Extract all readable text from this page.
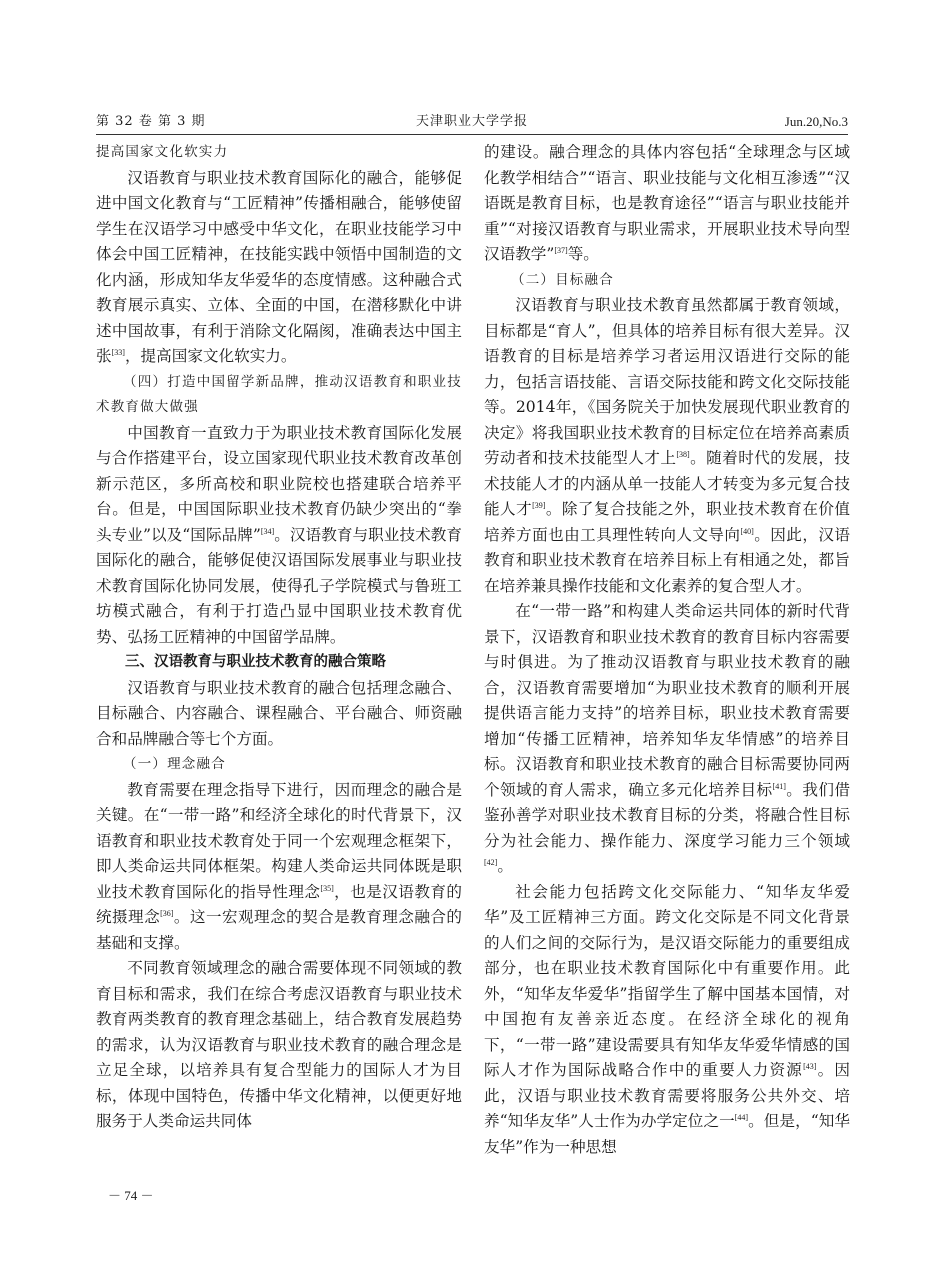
第 32 卷 第 3 期	天津职业大学学报	Jun.20,No.3

提高国家文化软实力

汉语教育与职业技术教育国际化的融合，能够促进中国文化教育与“工匠精神”传播相融合，能够使留学生在汉语学习中感受中华文化，在职业技能学习中体会中国工匠精神，在技能实践中领悟中国制造的文化内涵，形成知华友华爱华的态度情感。这种融合式教育展示真实、立体、全面的中国，在潜移默化中讲述中国故事，有利于消除文化隔阂，准确表达中国主张[33]，提高国家文化软实力。

（四）打造中国留学新品牌，推动汉语教育和职业技术教育做大做强

中国教育一直致力于为职业技术教育国际化发展与合作搭建平台，设立国家现代职业技术教育改革创新示范区，多所高校和职业院校也搭建联合培养平台。但是，中国国际职业技术教育仍缺少突出的“拳头专业”以及“国际品牌”[34]。汉语教育与职业技术教育国际化的融合，能够促使汉语国际发展事业与职业技术教育国际化协同发展，使得孔子学院模式与鲁班工坊模式融合，有利于打造凸显中国职业技术教育优势、弘扬工匠精神的中国留学品牌。

三、汉语教育与职业技术教育的融合策略

汉语教育与职业技术教育的融合包括理念融合、目标融合、内容融合、课程融合、平台融合、师资融合和品牌融合等七个方面。

（一）理念融合

教育需要在理念指导下进行，因而理念的融合是关键。在“一带一路”和经济全球化的时代背景下，汉语教育和职业技术教育处于同一个宏观理念框架下，即人类命运共同体框架。构建人类命运共同体既是职业技术教育国际化的指导性理念[35]，也是汉语教育的统摄理念[36]。这一宏观理念的契合是教育理念融合的基础和支撑。

不同教育领域理念的融合需要体现不同领域的教育目标和需求，我们在综合考虑汉语教育与职业技术教育两类教育的教育理念基础上，结合教育发展趋势的需求，认为汉语教育与职业技术教育的融合理念是立足全球，以培养具有复合型能力的国际人才为目标，体现中国特色，传播中华文化精神，以便更好地服务于人类命运共同体

的建设。融合理念的具体内容包括“全球理念与区域化教学相结合”“语言、职业技能与文化相互渗透”“汉语既是教育目标，也是教育途径”“语言与职业技能并重”“对接汉语教育与职业需求，开展职业技术导向型汉语教学”[37]等。

（二）目标融合

汉语教育与职业技术教育虽然都属于教育领域，目标都是“育人”，但具体的培养目标有很大差异。汉语教育的目标是培养学习者运用汉语进行交际的能力，包括言语技能、言语交际技能和跨文化交际技能等。2014年，《国务院关于加快发展现代职业教育的决定》将我国职业技术教育的目标定位在培养高素质劳动者和技术技能型人才上[38]。随着时代的发展，技术技能人才的内涵从单一技能人才转变为多元复合技能人才[39]。除了复合技能之外，职业技术教育在价值培养方面也由工具理性转向人文导向[40]。因此，汉语教育和职业技术教育在培养目标上有相通之处，都旨在培养兼具操作技能和文化素养的复合型人才。

在“一带一路”和构建人类命运共同体的新时代背景下，汉语教育和职业技术教育的教育目标内容需要与时俱进。为了推动汉语教育与职业技术教育的融合，汉语教育需要增加“为职业技术教育的顺利开展提供语言能力支持”的培养目标，职业技术教育需要增加“传播工匠精神，培养知华友华情感”的培养目标。汉语教育和职业技术教育的融合目标需要协同两个领域的育人需求，确立多元化培养目标[41]。我们借鉴孙善学对职业技术教育目标的分类，将融合性目标分为社会能力、操作能力、深度学习能力三个领域[42]。

社会能力包括跨文化交际能力、“知华友华爱华”及工匠精神三方面。跨文化交际是不同文化背景的人们之间的交际行为，是汉语交际能力的重要组成部分，也在职业技术教育国际化中有重要作用。此外，“知华友华爱华”指留学生了解中国基本国情，对中国抱有友善亲近态度。在经济全球化的视角下，“一带一路”建设需要具有知华友华爱华情感的国际人才作为国际战略合作中的重要人力资源[43]。因此，汉语与职业技术教育需要将服务公共外交、培养“知华友华”人士作为办学定位之一[44]。但是，“知华友华”作为一种思想

－ 74 －
